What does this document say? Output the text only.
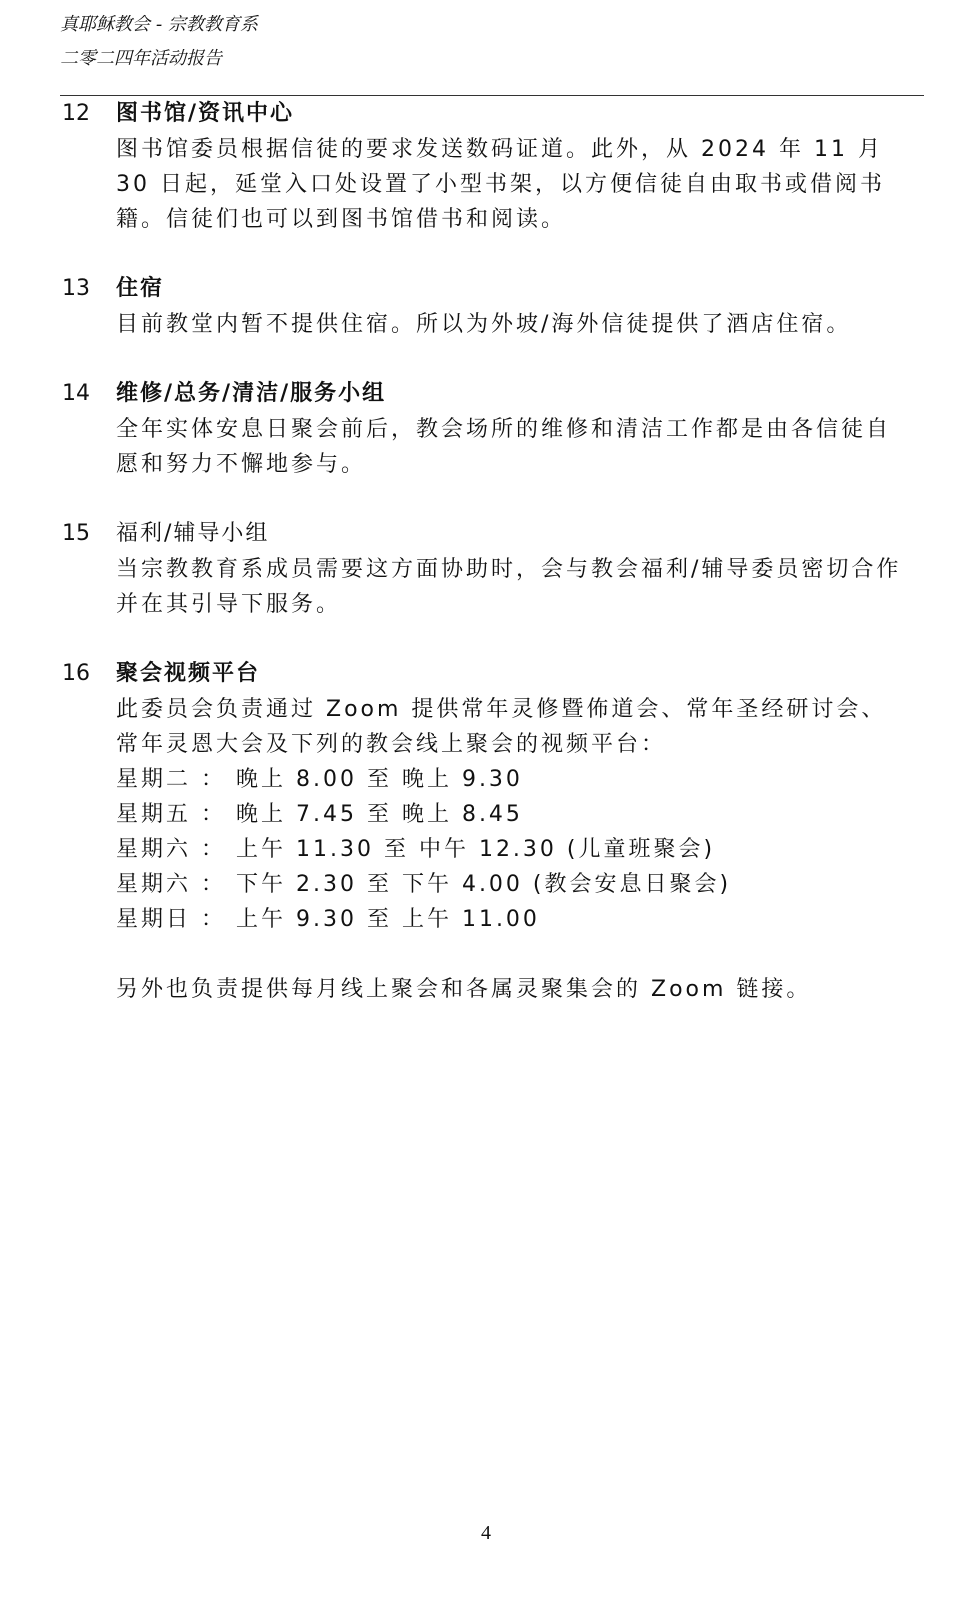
真耶稣教会 - 宗教教育系
二零二四年活动报告
12 图书馆/资讯中心

图书馆委员根据信徒的要求发送数码证道。此外，从 2024 年 11 月 30 日起，延堂入口处设置了小型书架，以方便信徒自由取书或借阅书籍。信徒们也可以到图书馆借书和阅读。

13 住宿

目前教堂内暂不提供住宿。所以为外坡/海外信徒提供了酒店住宿。

14 维修/总务/清洁/服务小组

全年实体安息日聚会前后，教会场所的维修和清洁工作都是由各信徒自愿和努力不懈地参与。

15 福利/辅导小组

当宗教教育系成员需要这方面协助时，会与教会福利/辅导委员密切合作并在其引导下服务。

16 聚会视频平台

此委员会负责通过 Zoom 提供常年灵修暨佈道会、常年圣经研讨会、常年灵恩大会及下列的教会线上聚会的视频平台：

星期二 ： 晚上 8.00 至 晚上 9.30
星期五 ： 晚上 7.45 至 晚上 8.45
星期六 ： 上午 11.30 至 中午 12.30 (儿童班聚会)
星期六 ： 下午 2.30 至 下午 4.00 (教会安息日聚会)
星期日 ： 上午 9.30 至 上午 11.00

另外也负责提供每月线上聚会和各属灵聚集会的 Zoom 链接。

4
